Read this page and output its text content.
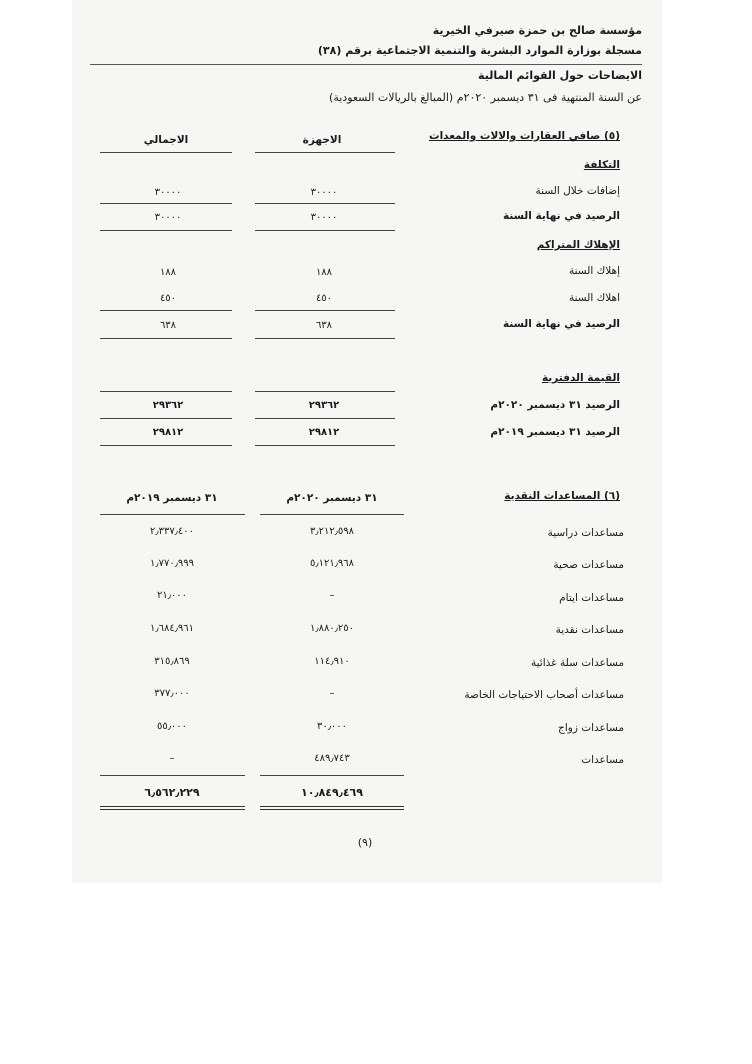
مؤسسة صالح بن حمزة صيرفي الخيرية
مسجلة بوزارة الموارد البشرية والتنمية الاجتماعية برقم (٣٨)
الايضاحات حول القوائم المالية
عن السنة المنتهية فى ٣١ ديسمبر ٢٠٢٠م (المبالغ بالريالات السعودية)
(٥) صافي العقارات والالات والمعدات
الاجهزة
الاجمالي
التكلفة
إضافات خلال السنة
٣٠٠٠٠
٣٠٠٠٠
الرصيد في نهاية السنة
٣٠٠٠٠
٣٠٠٠٠
الإهلاك المتراكم
إهلاك السنة
١٨٨
١٨٨
اهلاك السنة
٤٥٠
٤٥٠
الرصيد في نهاية السنة
٦٣٨
٦٣٨
القيمة الدفترية
الرصيد ٣١ ديسمبر ٢٠٢٠م
٢٩٣٦٢
٢٩٣٦٢
الرصيد ٣١ ديسمبر ٢٠١٩م
٢٩٨١٢
٢٩٨١٢
(٦) المساعدات النقدية
٣١ ديسمبر ٢٠٢٠م
٣١ ديسمبر ٢٠١٩م
مساعدات دراسية
٣٫٢١٢٫٥٩٨
٢٫٣٣٧٫٤٠٠
مساعدات صحية
٥٫١٢١٫٩٦٨
١٫٧٧٠٫٩٩٩
مساعدات ايتام
–
٢١٫٠٠٠
مساعدات نقدية
١٫٨٨٠٫٢٥٠
١٫٦٨٤٫٩٦١
مساعدات سلة غذائية
١١٤٫٩١٠
٣١٥٫٨٦٩
مساعدات أصحاب الاحتياجات الخاصة
–
٣٧٧٫٠٠٠
مساعدات زواج
٣٠٫٠٠٠
٥٥٫٠٠٠
مساعدات
٤٨٩٫٧٤٣
–
١٠٫٨٤٩٫٤٦٩
٦٫٥٦٢٫٢٢٩
(٩)
